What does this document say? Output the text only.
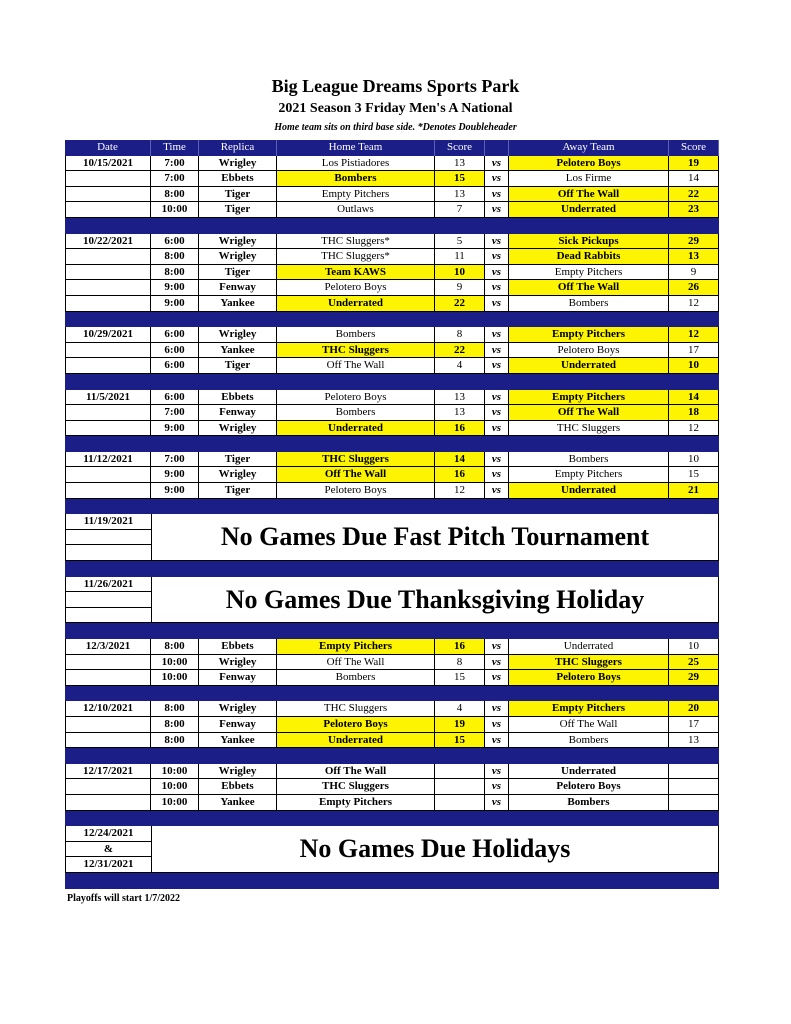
Big League Dreams Sports Park
2021 Season 3 Friday Men's A National
Home team sits on third base side. *Denotes Doubleheader
Date	Time	Replica	Home Team	Score	Away Team	Score
10/15/2021	7:00	Wrigley	Los Pistiadores	13	vs	Pelotero Boys	19
7:00	Ebbets	Bombers	15	vs	Los Firme	14
8:00	Tiger	Empty Pitchers	13	vs	Off The Wall	22
10:00	Tiger	Outlaws	7	vs	Underrated	23
10/22/2021	6:00	Wrigley	THC Sluggers*	5	vs	Sick Pickups	29
8:00	Wrigley	THC Sluggers*	11	vs	Dead Rabbits	13
8:00	Tiger	Team KAWS	10	vs	Empty Pitchers	9
9:00	Fenway	Pelotero Boys	9	vs	Off The Wall	26
9:00	Yankee	Underrated	22	vs	Bombers	12
10/29/2021	6:00	Wrigley	Bombers	8	vs	Empty Pitchers	12
6:00	Yankee	THC Sluggers	22	vs	Pelotero Boys	17
6:00	Tiger	Off The Wall	4	vs	Underrated	10
11/5/2021	6:00	Ebbets	Pelotero Boys	13	vs	Empty Pitchers	14
7:00	Fenway	Bombers	13	vs	Off The Wall	18
9:00	Wrigley	Underrated	16	vs	THC Sluggers	12
11/12/2021	7:00	Tiger	THC Sluggers	14	vs	Bombers	10
9:00	Wrigley	Off The Wall	16	vs	Empty Pitchers	15
9:00	Tiger	Pelotero Boys	12	vs	Underrated	21
11/19/2021
No Games Due Fast Pitch Tournament
11/26/2021
No Games Due Thanksgiving Holiday
12/3/2021	8:00	Ebbets	Empty Pitchers	16	vs	Underrated	10
10:00	Wrigley	Off The Wall	8	vs	THC Sluggers	25
10:00	Fenway	Bombers	15	vs	Pelotero Boys	29
12/10/2021	8:00	Wrigley	THC Sluggers	4	vs	Empty Pitchers	20
8:00	Fenway	Pelotero Boys	19	vs	Off The Wall	17
8:00	Yankee	Underrated	15	vs	Bombers	13
12/17/2021	10:00	Wrigley	Off The Wall	vs	Underrated
10:00	Ebbets	THC Sluggers	vs	Pelotero Boys
10:00	Yankee	Empty Pitchers	vs	Bombers
12/24/2021
&
12/31/2021
No Games Due Holidays
Playoffs will start 1/7/2022
